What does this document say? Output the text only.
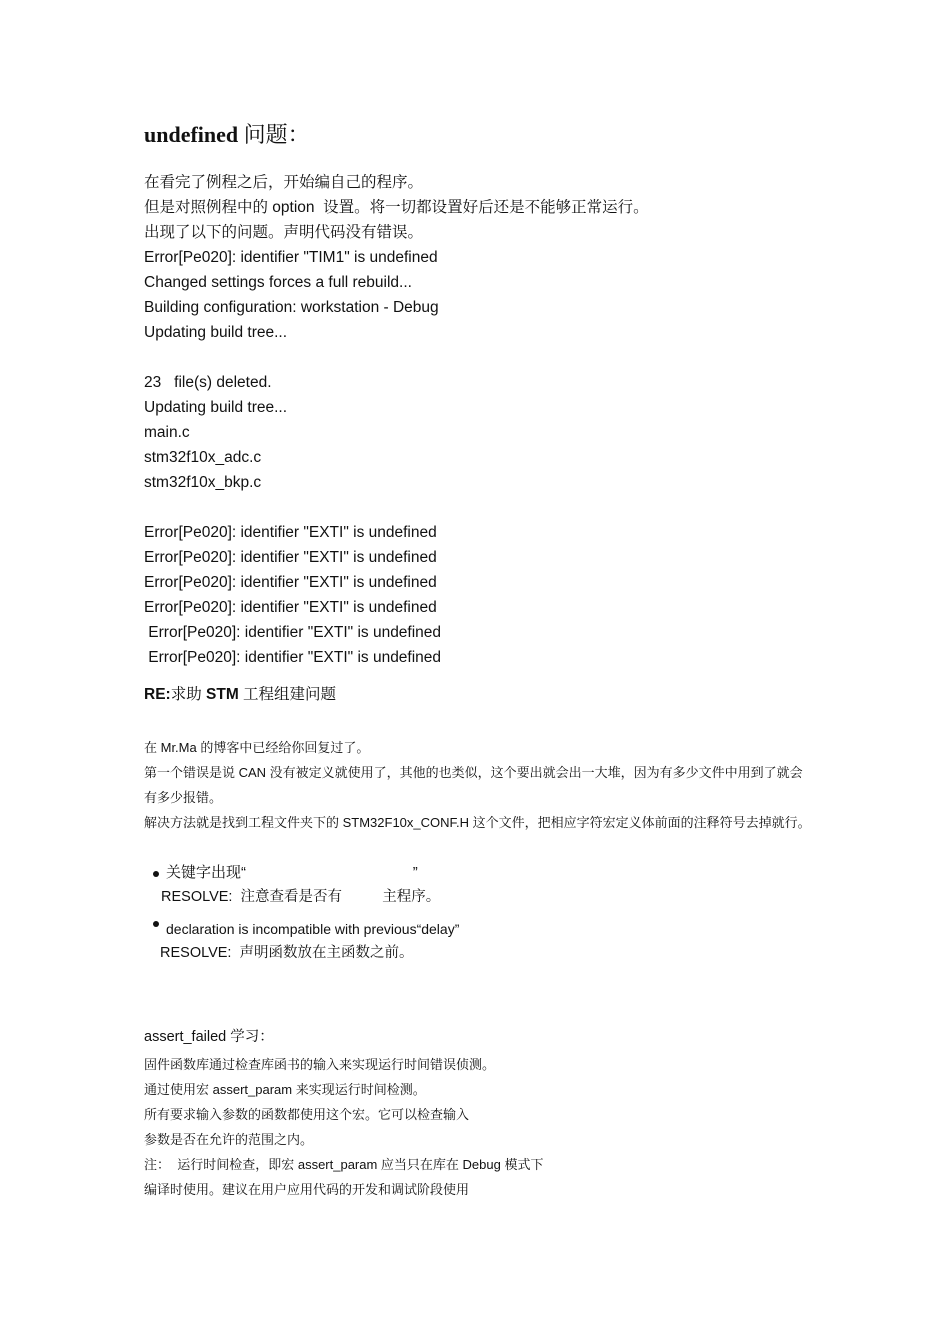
undefined 问题：
在看完了例程之后，开始编自己的程序。
但是对照例程中的 option  设置。将一切都设置好后还是不能够正常运行。
出现了以下的问题。声明代码没有错误。
Error[Pe020]: identifier "TIM1" is undefined
Changed settings forces a full rebuild...
Building configuration: workstation - Debug
Updating build tree...
23   file(s) deleted.
Updating build tree...
main.c
stm32f10x_adc.c
stm32f10x_bkp.c
Error[Pe020]: identifier "EXTI" is undefined
Error[Pe020]: identifier "EXTI" is undefined
Error[Pe020]: identifier "EXTI" is undefined
Error[Pe020]: identifier "EXTI" is undefined
Error[Pe020]: identifier "EXTI" is undefined
Error[Pe020]: identifier "EXTI" is undefined
RE:求助 STM 工程组建问题

在 Mr.Ma 的博客中已经给你回复过了。

第一个错误是说 CAN 没有被定义就使用了，其他的也类似，这个要出就会出一大堆，因为有多少文件中用到了就会有多少报错。

解决方法就是找到工程文件夹下的 STM32F10x_CONF.H 这个文件，把相应字符宏定义体前面的注释符号去掉就行。

关键字出现“                                        ”
RESOLVE:  注意查看是否有          主程序。
declaration is incompatible with previous“delay”
RESOLVE:  声明函数放在主函数之前。
assert_failed 学习：
固件函数库通过检查库函书的输入来实现运行时间错误侦测。
通过使用宏 assert_param 来实现运行时间检测。
所有要求输入参数的函数都使用这个宏。它可以检查输入
参数是否在允许的范围之内。
注：  运行时间检查，即宏 assert_param 应当只在库在 Debug 模式下
编译时使用。建议在用户应用代码的开发和调试阶段使用
